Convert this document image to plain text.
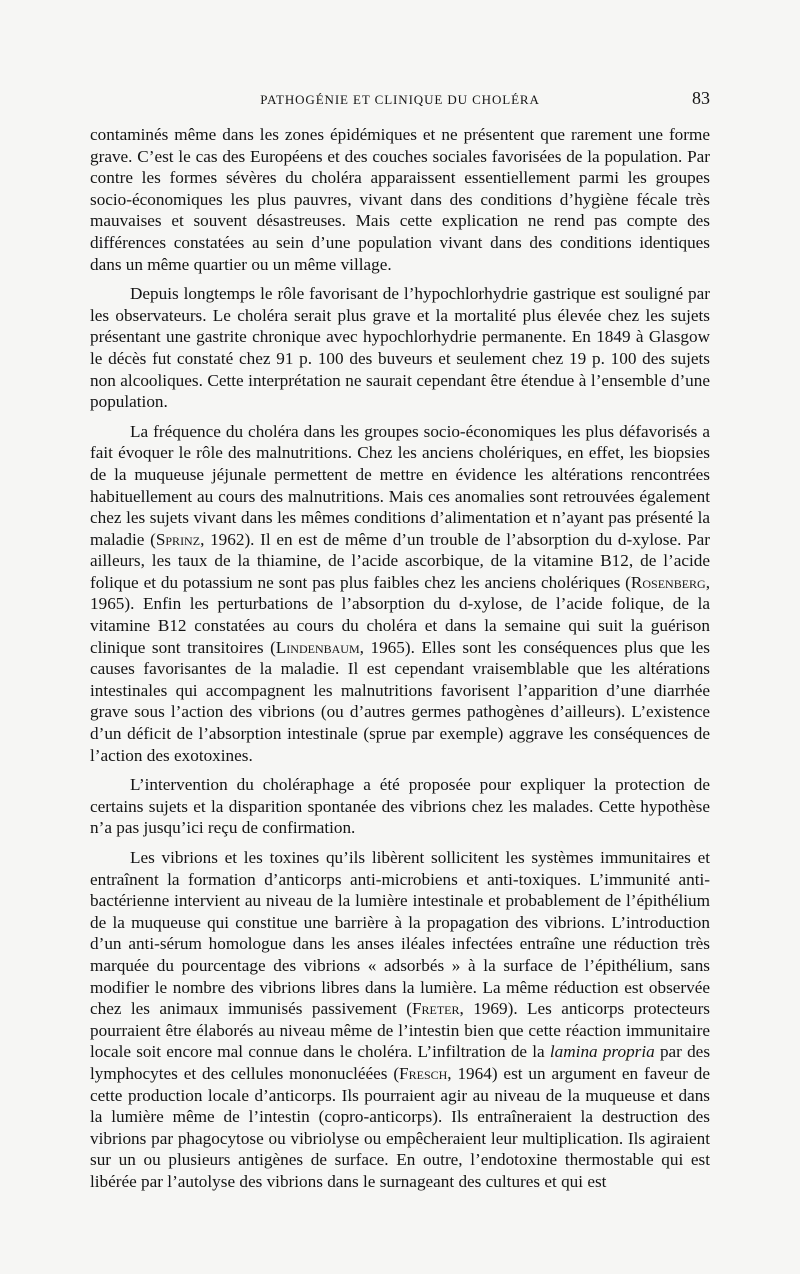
PATHOGÉNIE ET CLINIQUE DU CHOLÉRA	83

contaminés même dans les zones épidémiques et ne présentent que rarement une forme grave. C’est le cas des Européens et des couches sociales favorisées de la population. Par contre les formes sévères du choléra apparaissent essentiellement parmi les groupes socio-économiques les plus pauvres, vivant dans des conditions d’hygiène fécale très mauvaises et souvent désastreuses. Mais cette explication ne rend pas compte des différences constatées au sein d’une population vivant dans des conditions identiques dans un même quartier ou un même village.

Depuis longtemps le rôle favorisant de l’hypochlorhydrie gastrique est souligné par les observateurs. Le choléra serait plus grave et la mortalité plus élevée chez les sujets présentant une gastrite chronique avec hypochlorhydrie permanente. En 1849 à Glasgow le décès fut constaté chez 91 p. 100 des buveurs et seulement chez 19 p. 100 des sujets non alcooliques. Cette interprétation ne saurait cependant être étendue à l’ensemble d’une population.

La fréquence du choléra dans les groupes socio-économiques les plus défavorisés a fait évoquer le rôle des malnutritions. Chez les anciens cholériques, en effet, les biopsies de la muqueuse jéjunale permettent de mettre en évidence les altérations rencontrées habituellement au cours des malnutritions. Mais ces anomalies sont retrouvées également chez les sujets vivant dans les mêmes conditions d’alimentation et n’ayant pas présenté la maladie (Sprinz, 1962). Il en est de même d’un trouble de l’absorption du d-xylose. Par ailleurs, les taux de la thiamine, de l’acide ascorbique, de la vitamine B12, de l’acide folique et du potassium ne sont pas plus faibles chez les anciens cholériques (Rosenberg, 1965). Enfin les perturbations de l’absorption du d-xylose, de l’acide folique, de la vitamine B12 constatées au cours du choléra et dans la semaine qui suit la guérison clinique sont transitoires (Lindenbaum, 1965). Elles sont les conséquences plus que les causes favorisantes de la maladie. Il est cependant vraisemblable que les altérations intestinales qui accompagnent les malnutritions favorisent l’apparition d’une diarrhée grave sous l’action des vibrions (ou d’autres germes pathogènes d’ailleurs). L’existence d’un déficit de l’absorption intestinale (sprue par exemple) aggrave les conséquences de l’action des exotoxines.

L’intervention du choléraphage a été proposée pour expliquer la protection de certains sujets et la disparition spontanée des vibrions chez les malades. Cette hypothèse n’a pas jusqu’ici reçu de confirmation.

Les vibrions et les toxines qu’ils libèrent sollicitent les systèmes immunitaires et entraînent la formation d’anticorps anti-microbiens et anti-toxiques. L’immunité anti-bactérienne intervient au niveau de la lumière intestinale et probablement de l’épithélium de la muqueuse qui constitue une barrière à la propagation des vibrions. L’introduction d’un anti-sérum homologue dans les anses iléales infectées entraîne une réduction très marquée du pourcentage des vibrions « adsorbés » à la surface de l’épithélium, sans modifier le nombre des vibrions libres dans la lumière. La même réduction est observée chez les animaux immunisés passivement (Freter, 1969). Les anticorps protecteurs pourraient être élaborés au niveau même de l’intestin bien que cette réaction immunitaire locale soit encore mal connue dans le choléra. L’infiltration de la lamina propria par des lymphocytes et des cellules mononucléées (Fresch, 1964) est un argument en faveur de cette production locale d’anticorps. Ils pourraient agir au niveau de la muqueuse et dans la lumière même de l’intestin (copro-anticorps). Ils entraîneraient la destruction des vibrions par phagocytose ou vibriolyse ou empêcheraient leur multiplication. Ils agiraient sur un ou plusieurs antigènes de surface. En outre, l’endotoxine thermostable qui est libérée par l’autolyse des vibrions dans le surnageant des cultures et qui est
